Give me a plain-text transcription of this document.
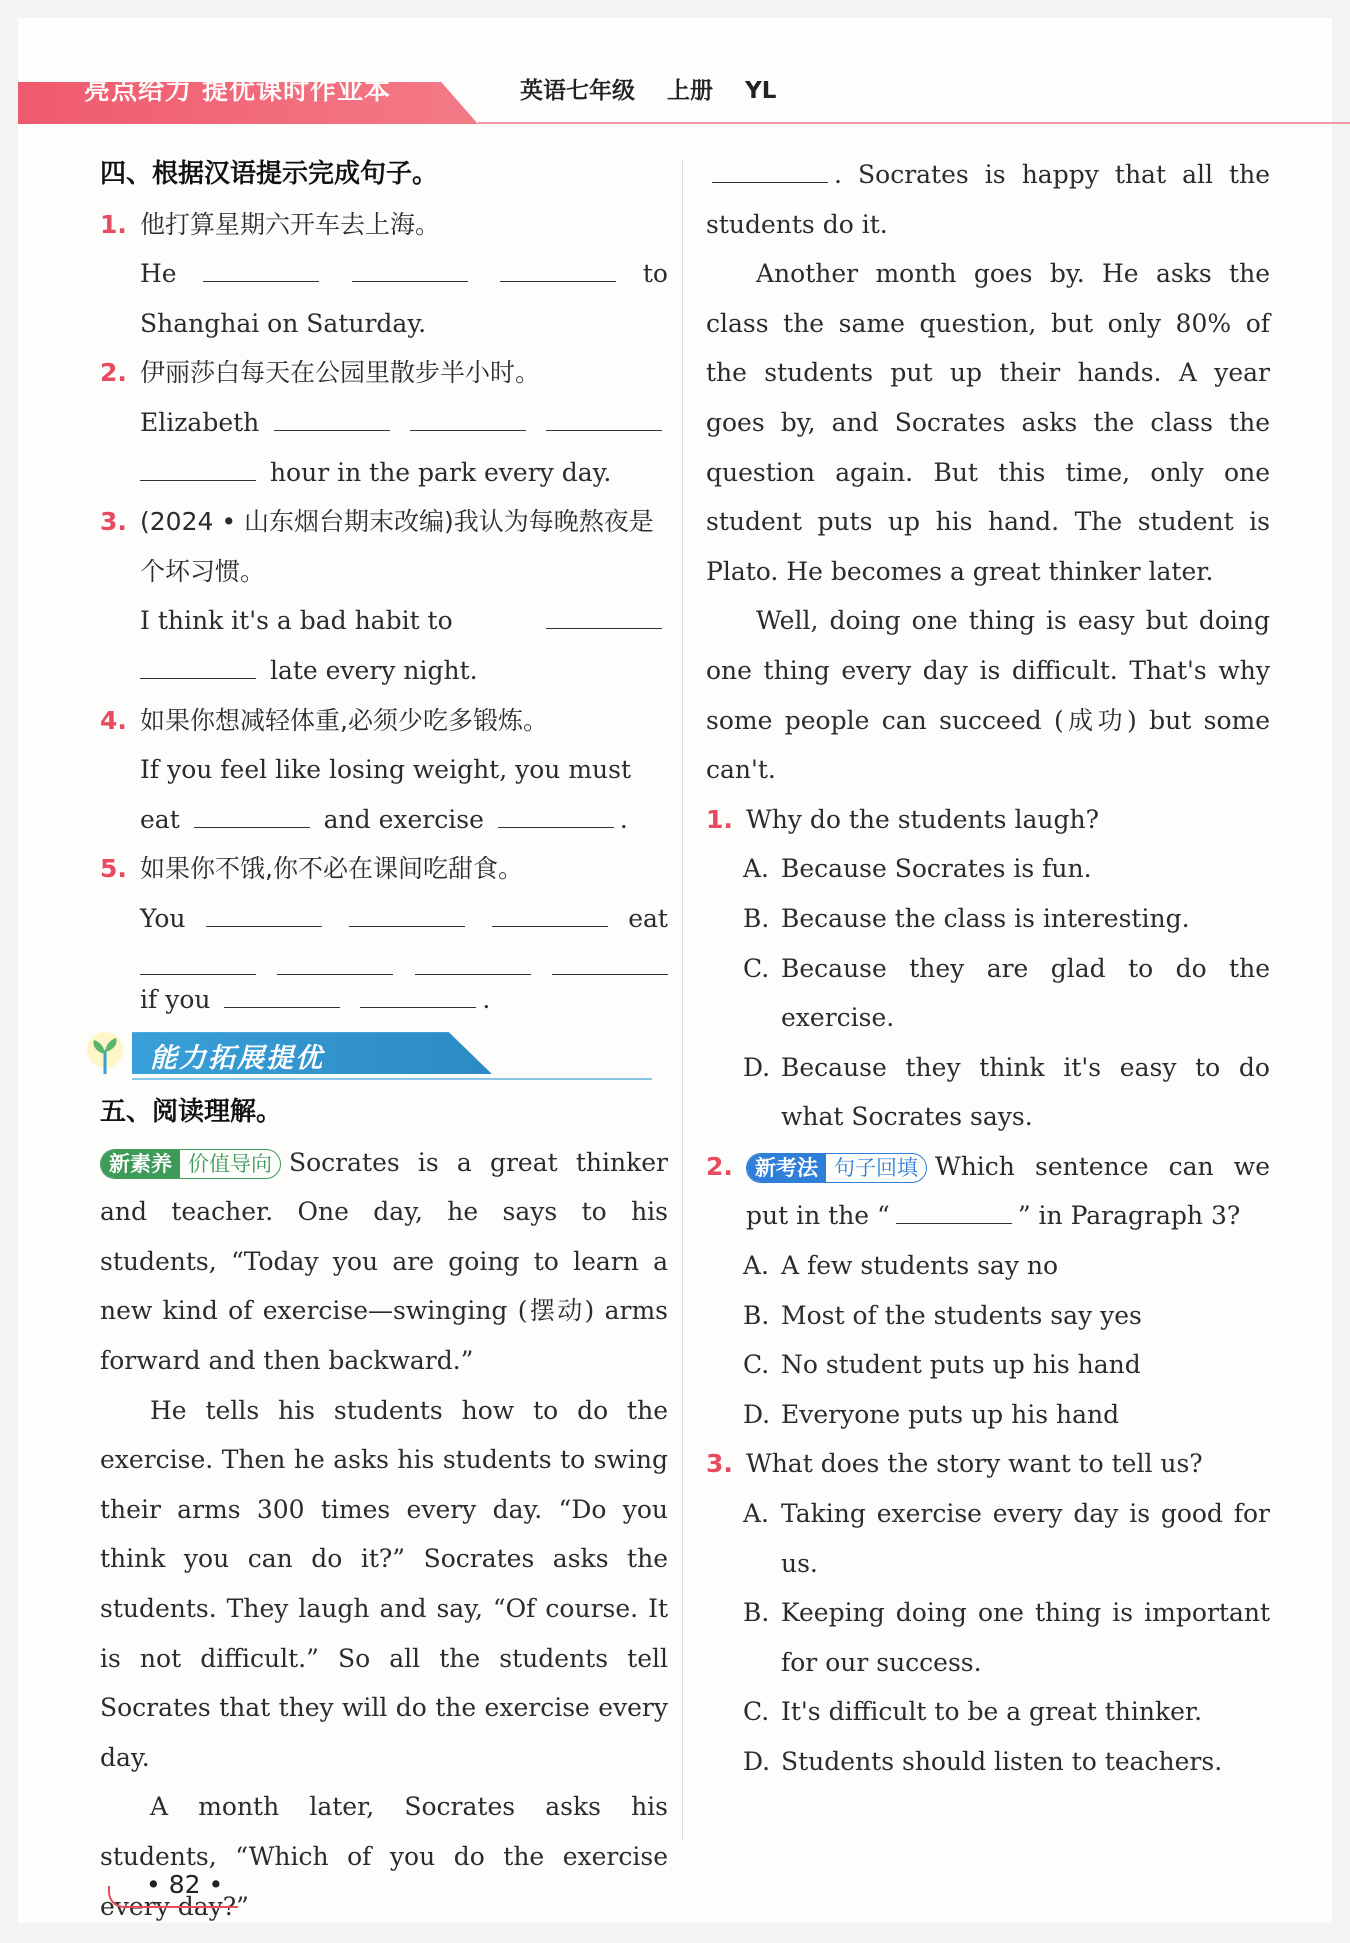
亮点给力 提优课时作业本	英语七年级 上册 YL
四、根据汉语提示完成句子。
1. 他打算星期六开车去上海。
He	to
Shanghai on Saturday.
2. 伊丽莎白每天在公园里散步半小时。
Elizabeth
hour in the park every day.
3. (2024 • 山东烟台期末改编)我认为每晚熬夜是个坏习惯。
I think it's a bad habit to
late every night.
4. 如果你想减轻体重,必须少吃多锻炼。
If you feel like losing weight, you must
eat	and exercise	.
5. 如果你不饿,你不必在课间吃甜食。
You	eat
if you	.
能力拓展提优
五、阅读理解。
新素养 价值导向 Socrates is a great thinker and teacher. One day, he says to his students, “Today you are going to learn a new kind of exercise—swinging (摆动) arms forward and then backward.”
He tells his students how to do the exercise. Then he asks his students to swing their arms 300 times every day. “Do you think you can do it?” Socrates asks the students. They laugh and say, “Of course. It is not difficult.” So all the students tell Socrates that they will do the exercise every day.
A month later, Socrates asks his students, “Which of you do the exercise every day?”
. Socrates is happy that all the students do it.
Another month goes by. He asks the class the same question, but only 80% of the students put up their hands. A year goes by, and Socrates asks the class the question again. But this time, only one student puts up his hand. The student is Plato. He becomes a great thinker later.
Well, doing one thing is easy but doing one thing every day is difficult. That's why some people can succeed (成功) but some can't.
1. Why do the students laugh?
A. Because Socrates is fun.
B. Because the class is interesting.
C. Because they are glad to do the exercise.
D. Because they think it's easy to do what Socrates says.
2. 新考法 句子回填 Which sentence can we put in the “	” in Paragraph 3?
A. A few students say no
B. Most of the students say yes
C. No student puts up his hand
D. Everyone puts up his hand
3. What does the story want to tell us?
A. Taking exercise every day is good for us.
B. Keeping doing one thing is important for our success.
C. It's difficult to be a great thinker.
D. Students should listen to teachers.
• 82 •
